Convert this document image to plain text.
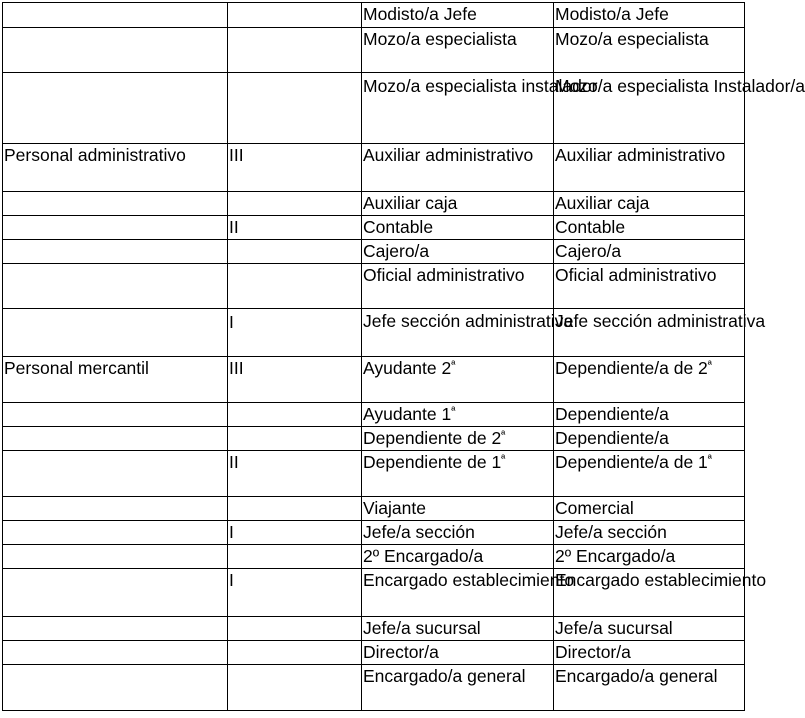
		Modisto/a Jefe	Modisto/a Jefe
		Mozo/a especialista	Mozo/a especialista
		Mozo/a especialista instalador	Mozo/a especialista Instalador/a
Personal administrativo	III	Auxiliar administrativo	Auxiliar administrativo
		Auxiliar caja	Auxiliar caja
	II	Contable	Contable
		Cajero/a	Cajero/a
		Oficial administrativo	Oficial administrativo
	I	Jefe sección administrativa	Jefe sección administrativa
Personal mercantil	III	Ayudante $2^ª$	Dependiente/a de $2^ª$
		Ayudante $1^ª$	Dependiente/a
		Dependiente de $2^ª$	Dependiente/a
	II	Dependiente de $1^ª$	Dependiente/a de $1^ª$
		Viajante	Comercial
	I	Jefe/a sección	Jefe/a sección
		2º Encargado/a	2º Encargado/a
	I	Encargado establecimiento	Encargado establecimiento
		Jefe/a sucursal	Jefe/a sucursal
		Director/a	Director/a
		Encargado/a general	Encargado/a general
